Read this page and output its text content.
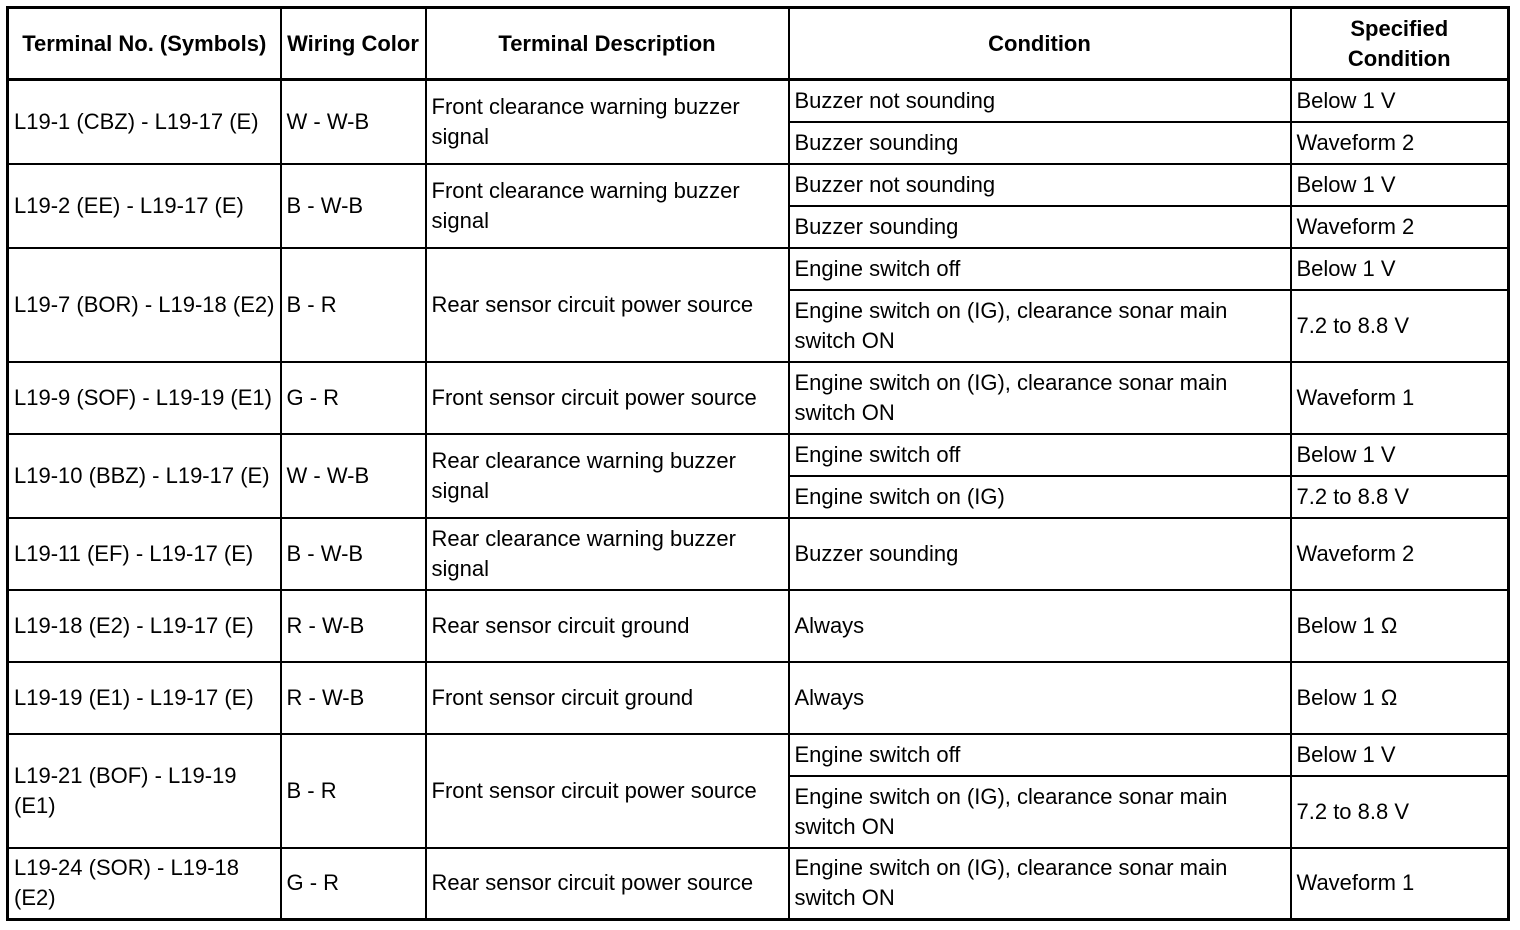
Terminal No. (Symbols)	Wiring Color	Terminal Description	Condition	Specified Condition
L19-1 (CBZ) - L19-17 (E)	W - W-B	Front clearance warning buzzer signal	Buzzer not sounding	Below 1 V
			Buzzer sounding	Waveform 2
L19-2 (EE) - L19-17 (E)	B - W-B	Front clearance warning buzzer signal	Buzzer not sounding	Below 1 V
			Buzzer sounding	Waveform 2
L19-7 (BOR) - L19-18 (E2)	B - R	Rear sensor circuit power source	Engine switch off	Below 1 V
			Engine switch on (IG), clearance sonar main switch ON	7.2 to 8.8 V
L19-9 (SOF) - L19-19 (E1)	G - R	Front sensor circuit power source	Engine switch on (IG), clearance sonar main switch ON	Waveform 1
L19-10 (BBZ) - L19-17 (E)	W - W-B	Rear clearance warning buzzer signal	Engine switch off	Below 1 V
			Engine switch on (IG)	7.2 to 8.8 V
L19-11 (EF) - L19-17 (E)	B - W-B	Rear clearance warning buzzer signal	Buzzer sounding	Waveform 2
L19-18 (E2) - L19-17 (E)	R - W-B	Rear sensor circuit ground	Always	Below 1 Ω
L19-19 (E1) - L19-17 (E)	R - W-B	Front sensor circuit ground	Always	Below 1 Ω
L19-21 (BOF) - L19-19 (E1)	B - R	Front sensor circuit power source	Engine switch off	Below 1 V
			Engine switch on (IG), clearance sonar main switch ON	7.2 to 8.8 V
L19-24 (SOR) - L19-18 (E2)	G - R	Rear sensor circuit power source	Engine switch on (IG), clearance sonar main switch ON	Waveform 1
